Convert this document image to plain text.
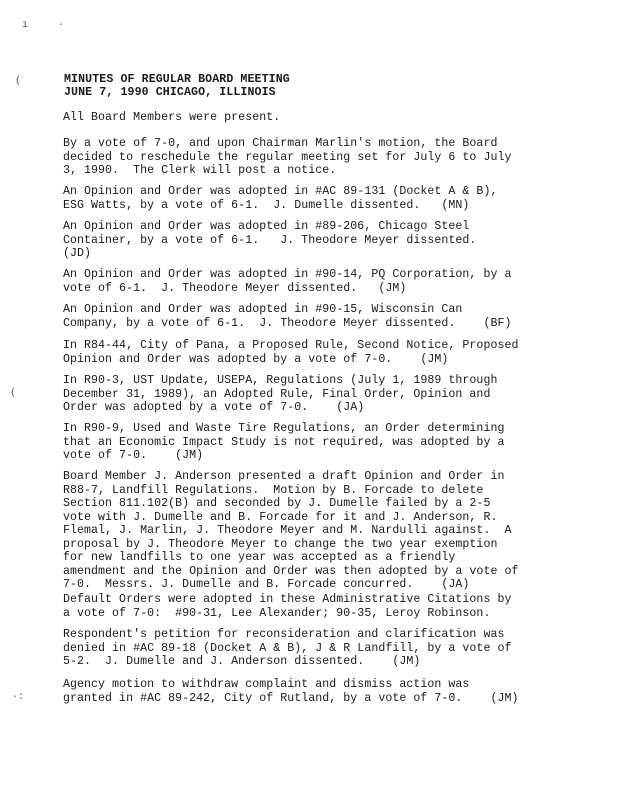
ı	·
(
(
·:
MINUTES OF REGULAR BOARD MEETING
JUNE 7, 1990 CHICAGO, ILLINOIS
All Board Members were present.
By a vote of 7-0, and upon Chairman Marlin's motion, the Board
decided to reschedule the regular meeting set for July 6 to July
3, 1990.  The Clerk will post a notice.
An Opinion and Order was adopted in #AC 89-131 (Docket A & B),
ESG Watts, by a vote of 6-1.  J. Dumelle dissented.   (MN)
An Opinion and Order was adopted in #89-206, Chicago Steel
Container, by a vote of 6-1.   J. Theodore Meyer dissented.
(JD)
An Opinion and Order was adopted in #90-14, PQ Corporation, by a
vote of 6-1.  J. Theodore Meyer dissented.   (JM)
An Opinion and Order was adopted in #90-15, Wisconsin Can
Company, by a vote of 6-1.  J. Theodore Meyer dissented.    (BF)
In R84-44, City of Pana, a Proposed Rule, Second Notice, Proposed
Opinion and Order was adopted by a vote of 7-0.    (JM)
In R90-3, UST Update, USEPA, Regulations (July 1, 1989 through
December 31, 1989), an Adopted Rule, Final Order, Opinion and
Order was adopted by a vote of 7-0.    (JA)
In R90-9, Used and Waste Tire Regulations, an Order determining
that an Economic Impact Study is not required, was adopted by a
vote of 7-0.    (JM)
Board Member J. Anderson presented a draft Opinion and Order in
R88-7, Landfill Regulations.  Motion by B. Forcade to delete
Section 811.102(B) and seconded by J. Dumelle failed by a 2-5
vote with J. Dumelle and B. Forcade for it and J. Anderson, R.
Flemal, J. Marlin, J. Theodore Meyer and M. Nardulli against.  A
proposal by J. Theodore Meyer to change the two year exemption
for new landfills to one year was accepted as a friendly
amendment and the Opinion and Order was then adopted by a vote of
7-0.  Messrs. J. Dumelle and B. Forcade concurred.    (JA)
Default Orders were adopted in these Administrative Citations by
a vote of 7-0:  #90-31, Lee Alexander; 90-35, Leroy Robinson.
Respondent's petition for reconsideration and clarification was
denied in #AC 89-18 (Docket A & B), J & R Landfill, by a vote of
5-2.  J. Dumelle and J. Anderson dissented.    (JM)
Agency motion to withdraw complaint and dismiss action was
granted in #AC 89-242, City of Rutland, by a vote of 7-0.    (JM)
